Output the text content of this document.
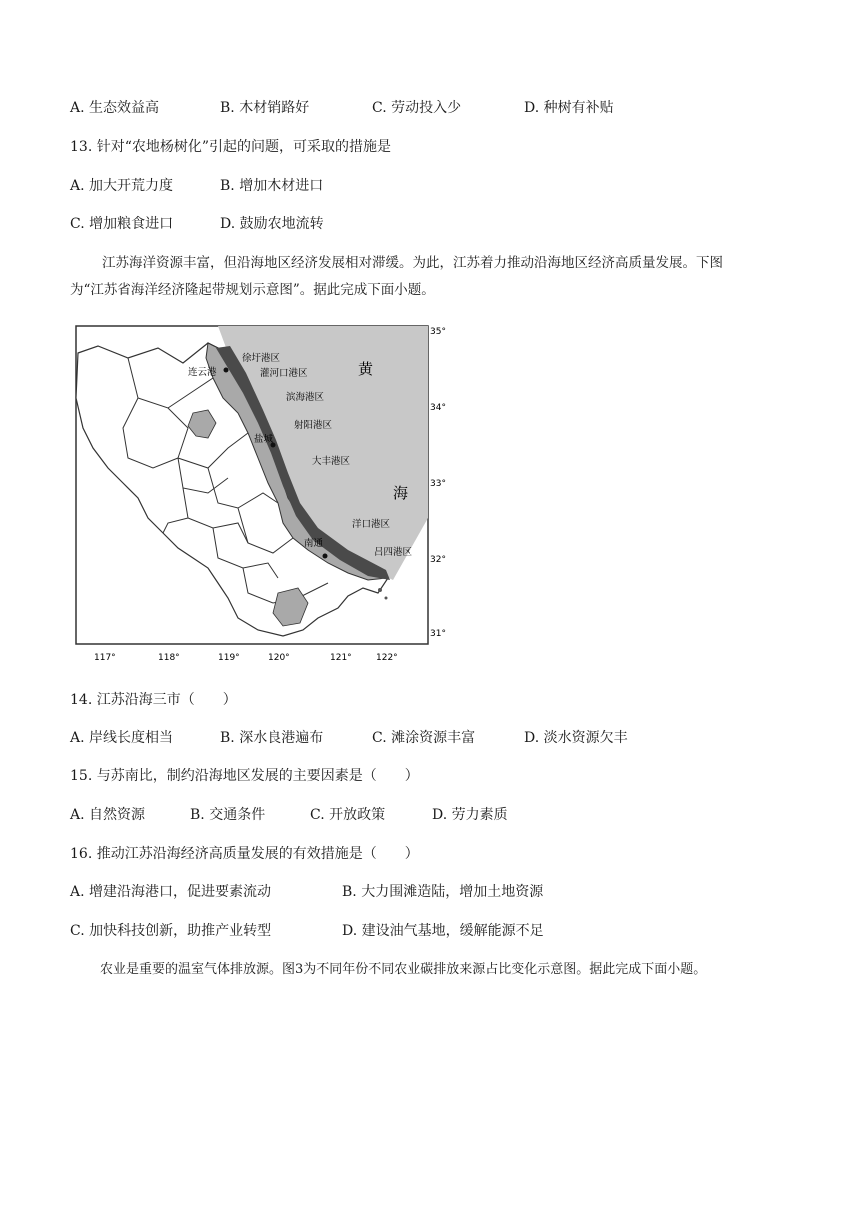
A. 生态效益高	B. 木材销路好	C. 劳动投入少	D. 种树有补贴
13. 针对“农地杨树化”引起的问题，可采取的措施是
A. 加大开荒力度	B. 增加木材进口
C. 增加粮食进口	D. 鼓励农地流转
江苏海洋资源丰富，但沿海地区经济发展相对滞缓。为此，江苏着力推动沿海地区经济高质量发展。下图
为“江苏省海洋经济隆起带规划示意图”。据此完成下面小题。
35°
34°
33°
32°
31°
117°	118°	119°	120°	121°	122°
黄
海
徐圩港区
灌河口港区
滨海港区
射阳港区
大丰港区
洋口港区
吕四港区
连云港
盐城
南通
14. 江苏沿海三市（　　）
A. 岸线长度相当	B. 深水良港遍布	C. 滩涂资源丰富	D. 淡水资源欠丰
15. 与苏南比，制约沿海地区发展的主要因素是（　　）
A. 自然资源	B. 交通条件	C. 开放政策	D. 劳力素质
16. 推动江苏沿海经济高质量发展的有效措施是（　　）
A. 增建沿海港口，促进要素流动	B. 大力围滩造陆，增加土地资源
C. 加快科技创新，助推产业转型	D. 建设油气基地，缓解能源不足
农业是重要的温室气体排放源。图3为不同年份不同农业碳排放来源占比变化示意图。据此完成下面小题。
